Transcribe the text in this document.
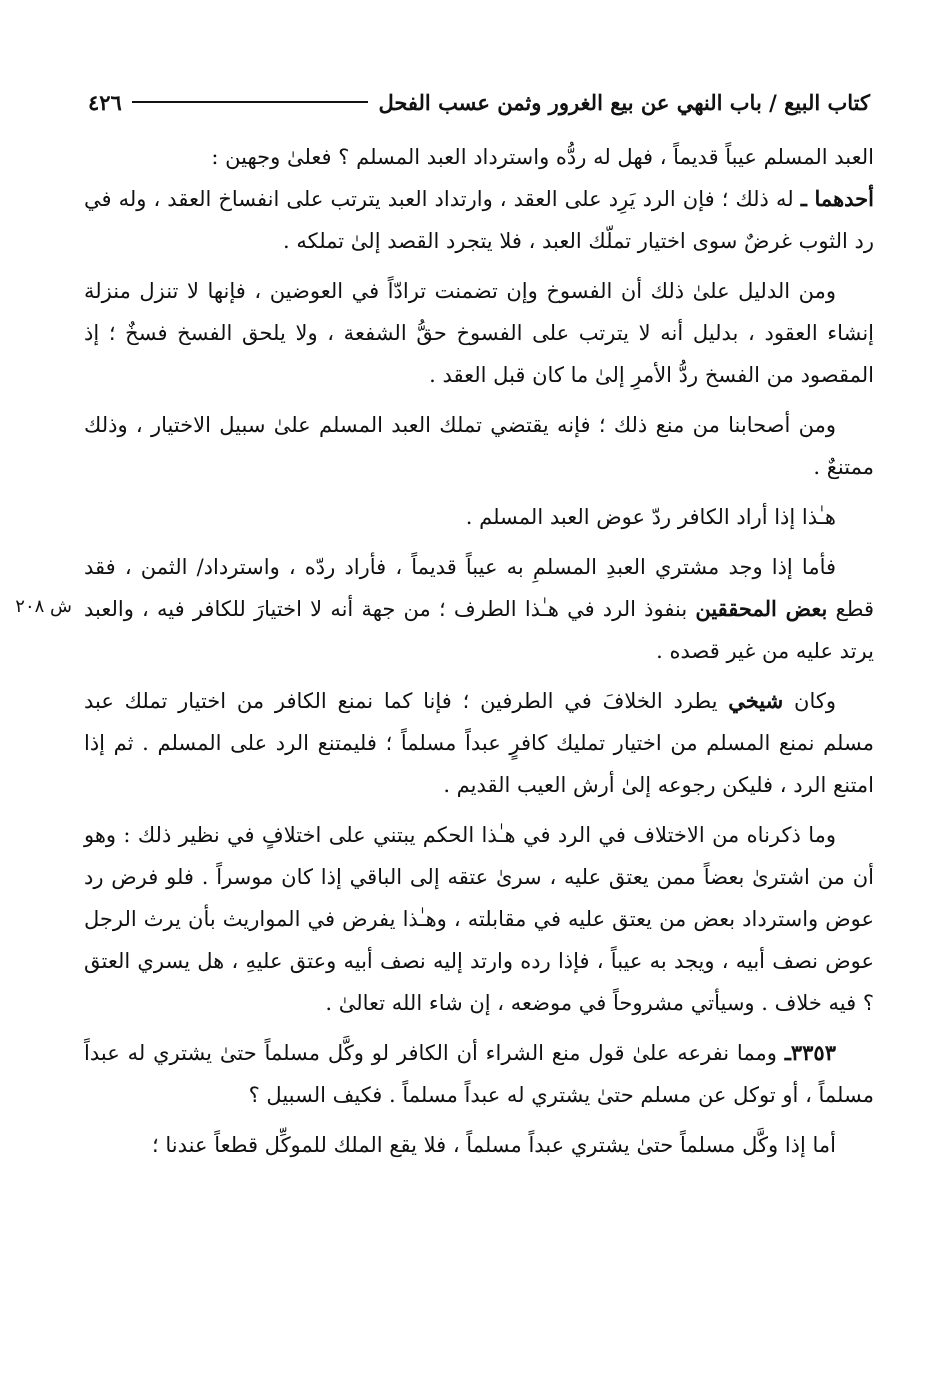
كتاب البيع / باب النهي عن بيع الغرور وثمن عسب الفحل
٤٢٦
ش ٢٠٨

العبد المسلم عيباً قديماً ، فهل له ردُّه واسترداد العبد المسلم ؟ فعلىٰ وجهين :

أحدهما ـ له ذلك ؛ فإن الرد يَرِد على العقد ، وارتداد العبد يترتب على انفساخ العقد ، وله في رد الثوب غرضٌ سوى اختيار تملّك العبد ، فلا يتجرد القصد إلىٰ تملكه .

ومن الدليل علىٰ ذلك أن الفسوخ وإن تضمنت ترادّاً في العوضين ، فإنها لا تنزل منزلة إنشاء العقود ، بدليل أنه لا يترتب على الفسوخ حقُّ الشفعة ، ولا يلحق الفسخ فسخٌ ؛ إذ المقصود من الفسخ ردُّ الأمرِ إلىٰ ما كان قبل العقد .

ومن أصحابنا من منع ذلك ؛ فإنه يقتضي تملك العبد المسلم علىٰ سبيل الاختيار ، وذلك ممتنعٌ .

هـٰذا إذا أراد الكافر ردّ عوض العبد المسلم .

فأما إذا وجد مشتري العبدِ المسلمِ به عيباً قديماً ، فأراد ردّه ، واسترداد/ الثمن ، فقد قطع بعض المحققين بنفوذ الرد في هـٰذا الطرف ؛ من جهة أنه لا اختيارَ للكافر فيه ، والعبد يرتد عليه من غير قصده .

وكان شيخي يطرد الخلافَ في الطرفين ؛ فإنا كما نمنع الكافر من اختيار تملك عبد مسلم نمنع المسلم من اختيار تمليك كافرٍ عبداً مسلماً ؛ فليمتنع الرد على المسلم . ثم إذا امتنع الرد ، فليكن رجوعه إلىٰ أرش العيب القديم .

وما ذكرناه من الاختلاف في الرد في هـٰذا الحكم يبتني على اختلافٍ في نظير ذلك : وهو أن من اشترىٰ بعضاً ممن يعتق عليه ، سرىٰ عتقه إلى الباقي إذا كان موسراً . فلو فرض رد عوض واسترداد بعض من يعتق عليه في مقابلته ، وهـٰذا يفرض في المواريث بأن يرث الرجل عوض نصف أبيه ، ويجد به عيباً ، فإذا رده وارتد إليه نصف أبيه وعتق عليهِ ، هل يسري العتق ؟ فيه خلاف . وسيأتي مشروحاً في موضعه ، إن شاء الله تعالىٰ .

٣٣٥٣ـ ومما نفرعه علىٰ قول منع الشراء أن الكافر لو وكَّل مسلماً حتىٰ يشتري له عبداً مسلماً ، أو توكل عن مسلم حتىٰ يشتري له عبداً مسلماً . فكيف السبيل ؟

أما إذا وكَّل مسلماً حتىٰ يشتري عبداً مسلماً ، فلا يقع الملك للموكِّل قطعاً عندنا ؛
